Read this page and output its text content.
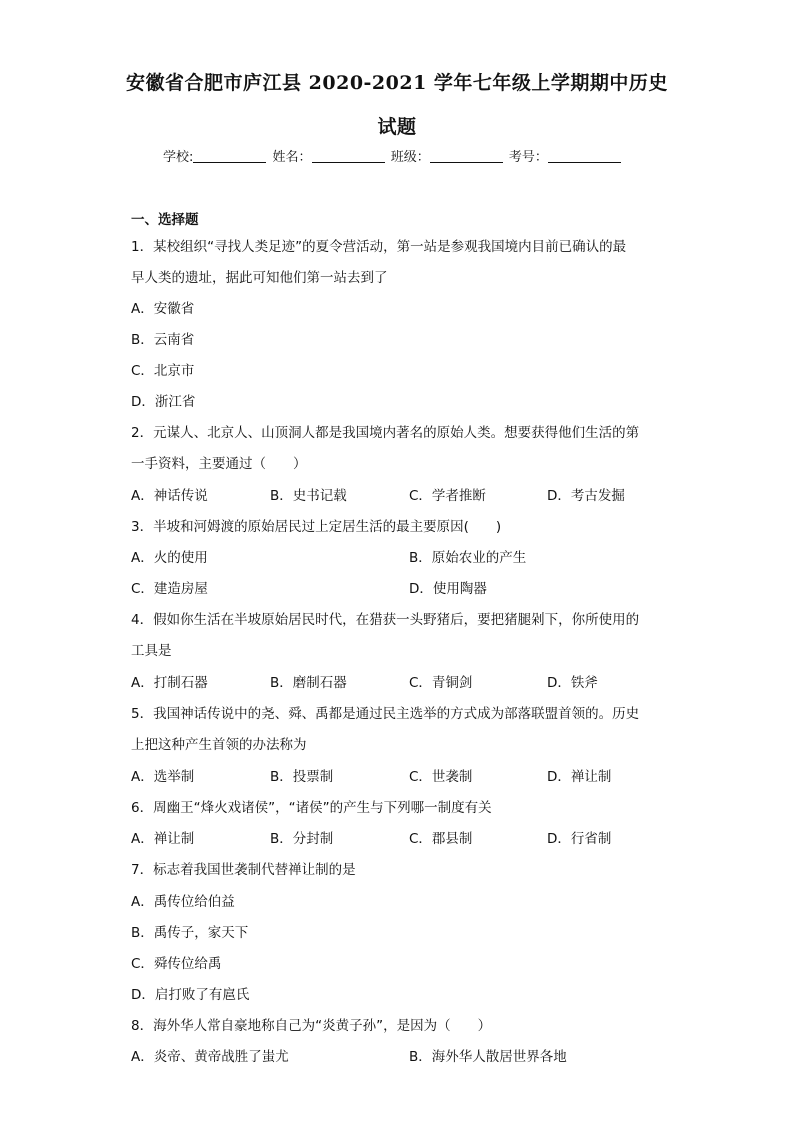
安徽省合肥市庐江县 2020-2021 学年七年级上学期期中历史
试题
学校:	姓名：	班级：	考号：
一、选择题
1．某校组织“寻找人类足迹”的夏令营活动，第一站是参观我国境内目前已确认的最
早人类的遗址，据此可知他们第一站去到了
A．安徽省
B．云南省
C．北京市
D．浙江省
2．元谋人、北京人、山顶洞人都是我国境内著名的原始人类。想要获得他们生活的第
一手资料，主要通过（　　）
A．神话传说	B．史书记载	C．学者推断	D．考古发掘
3．半坡和河姆渡的原始居民过上定居生活的最主要原因(　　)
A．火的使用	B．原始农业的产生
C．建造房屋	D．使用陶器
4．假如你生活在半坡原始居民时代，在猎获一头野猪后，要把猪腿剁下，你所使用的
工具是
A．打制石器	B．磨制石器	C．青铜剑	D．铁斧
5．我国神话传说中的尧、舜、禹都是通过民主选举的方式成为部落联盟首领的。历史
上把这种产生首领的办法称为
A．选举制	B．投票制	C．世袭制	D．禅让制
6．周幽王“烽火戏诸侯”，“诸侯”的产生与下列哪一制度有关
A．禅让制	B．分封制	C．郡县制	D．行省制
7．标志着我国世袭制代替禅让制的是
A．禹传位给伯益
B．禹传子，家天下
C．舜传位给禹
D．启打败了有扈氏
8．海外华人常自豪地称自己为“炎黄子孙”，是因为（　　）
A．炎帝、黄帝战胜了蚩尤	B．海外华人散居世界各地
